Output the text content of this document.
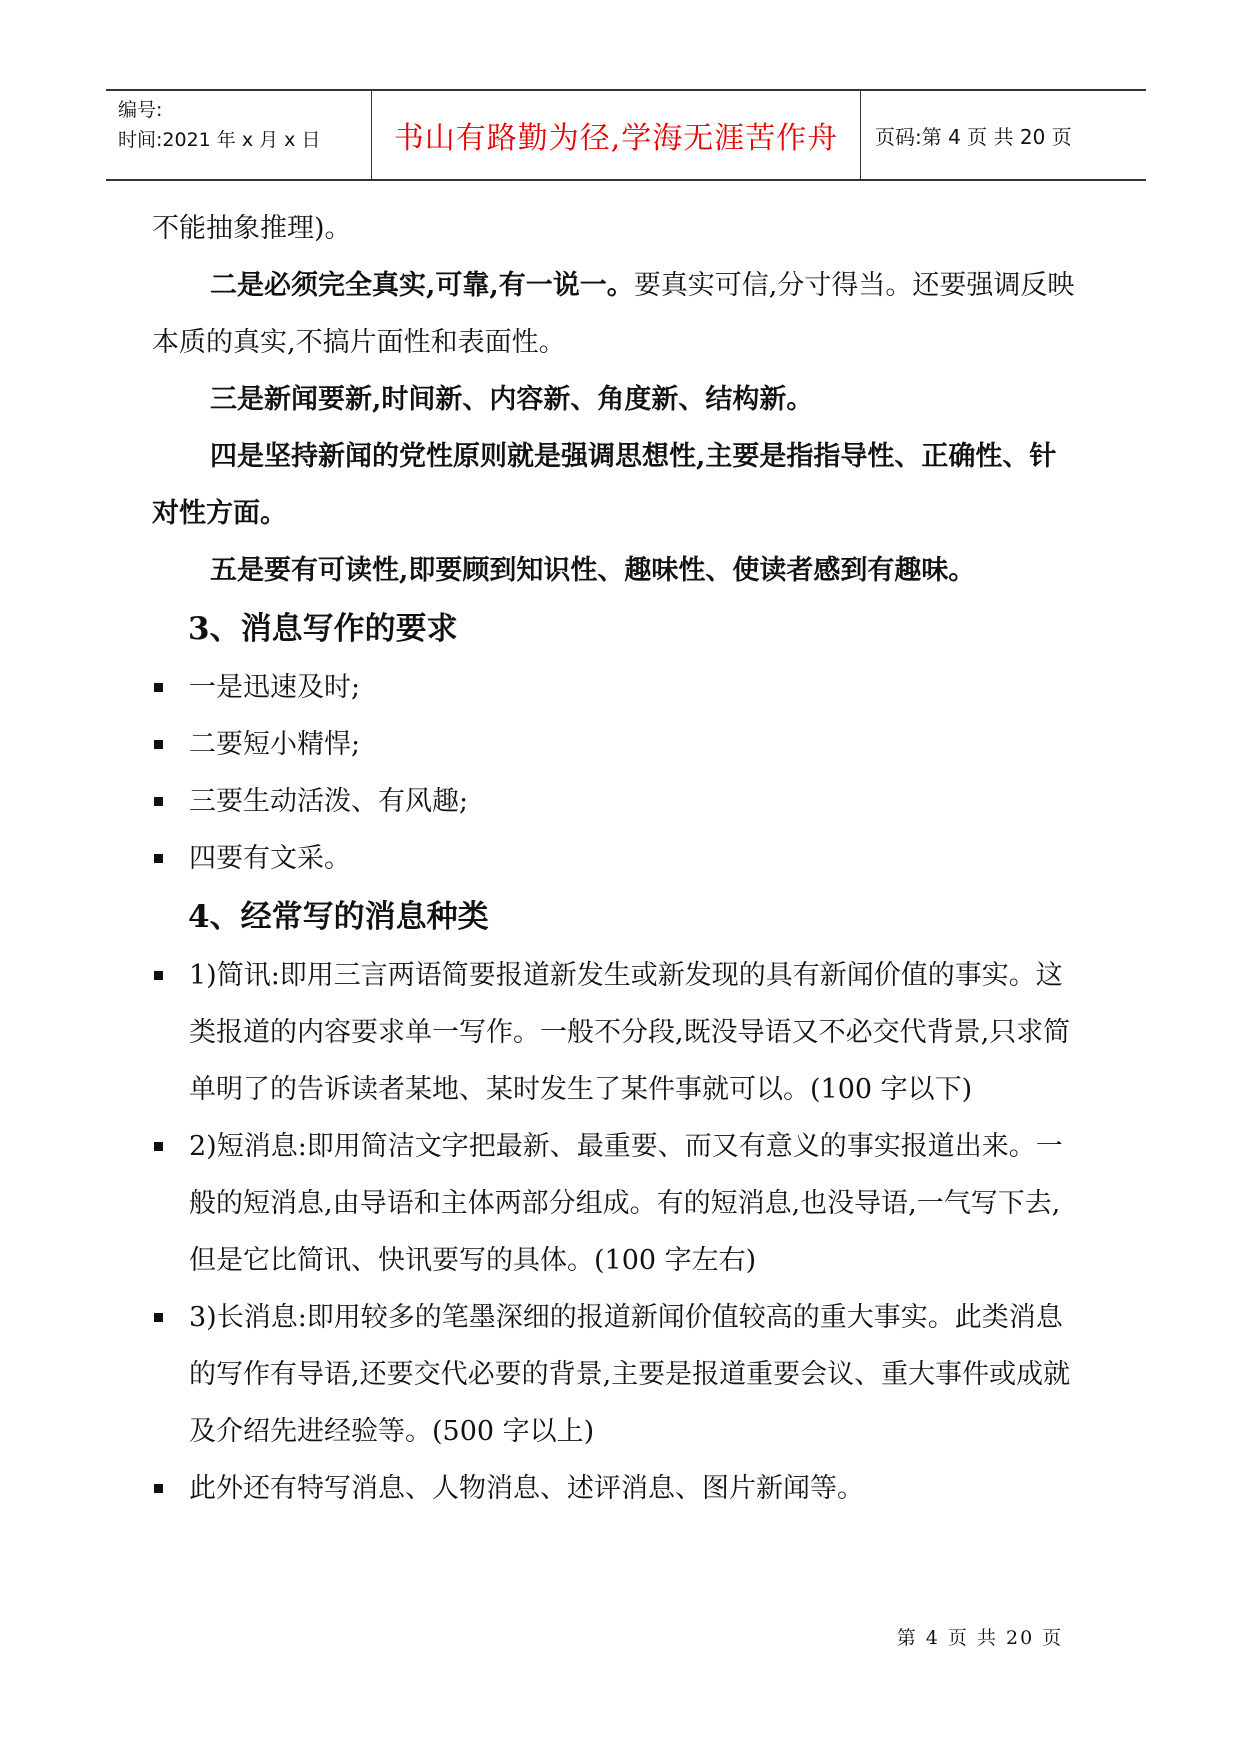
编号:
时间:2021 年 x 月 x 日	书山有路勤为径,学海无涯苦作舟 页码:第 4 页 共 20 页

不能抽象推理)。

二是必须完全真实,可靠,有一说一。要真实可信,分寸得当。还要强调反映本质的真实,不搞片面性和表面性。

三是新闻要新,时间新、内容新、角度新、结构新。

四是坚持新闻的党性原则就是强调思想性,主要是指指导性、正确性、针对性方面。

五是要有可读性,即要顾到知识性、趣味性、使读者感到有趣味。

3、消息写作的要求
一是迅速及时;
二要短小精悍;
三要生动活泼、有风趣;
四要有文采。
4、经常写的消息种类
1)简讯:即用三言两语简要报道新发生或新发现的具有新闻价值的事实。这类报道的内容要求单一写作。一般不分段,既没导语又不必交代背景,只求简单明了的告诉读者某地、某时发生了某件事就可以。(100 字以下)
2)短消息:即用简洁文字把最新、最重要、而又有意义的事实报道出来。一般的短消息,由导语和主体两部分组成。有的短消息,也没导语,一气写下去,但是它比简讯、快讯要写的具体。(100 字左右)
3)长消息:即用较多的笔墨深细的报道新闻价值较高的重大事实。此类消息的写作有导语,还要交代必要的背景,主要是报道重要会议、重大事件或成就及介绍先进经验等。(500 字以上)
此外还有特写消息、人物消息、述评消息、图片新闻等。
第 4 页 共 20 页
